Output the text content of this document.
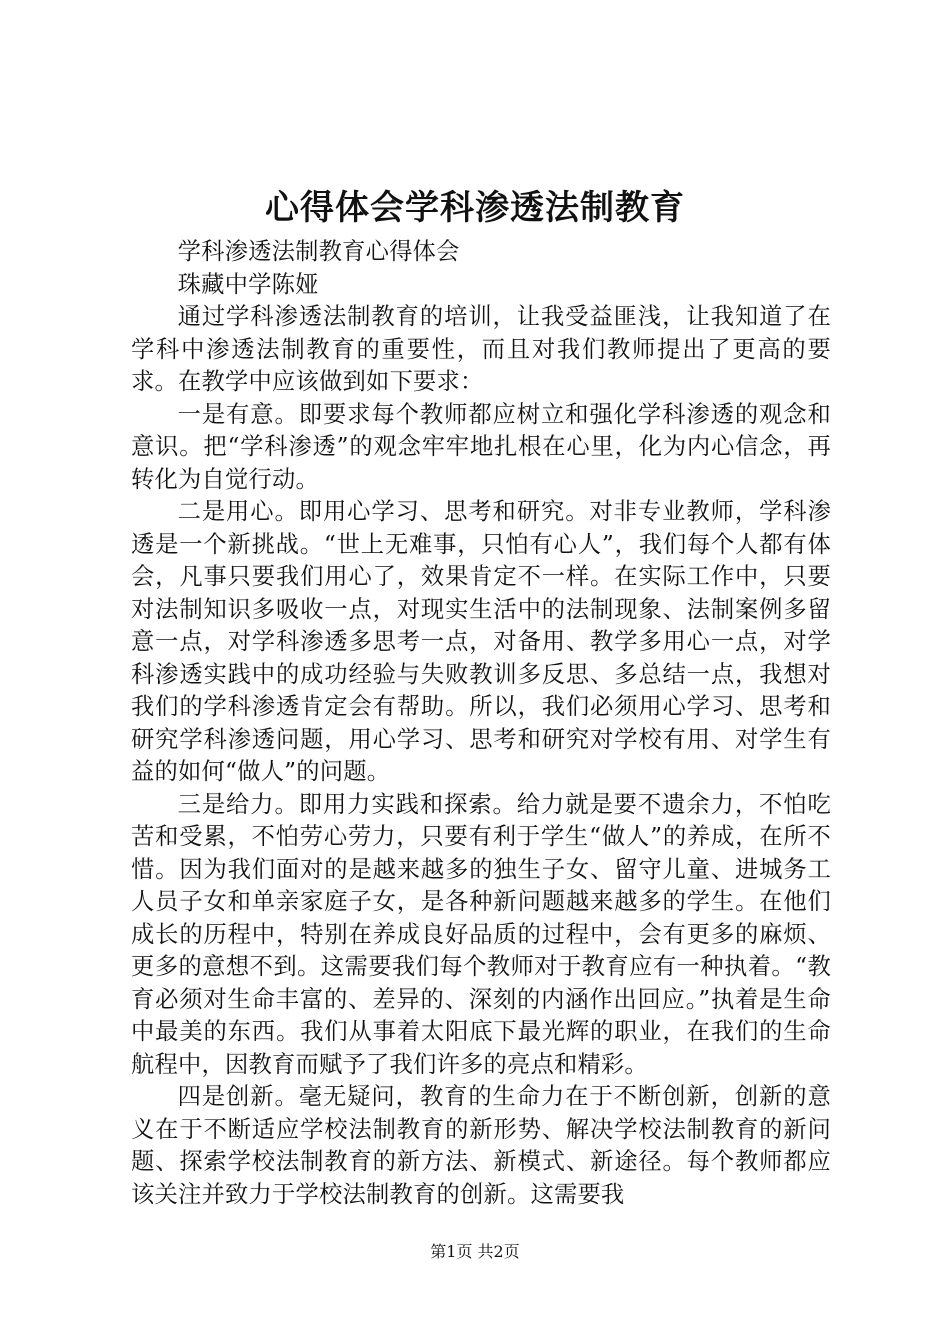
心得体会学科渗透法制教育

学科渗透法制教育心得体会

珠藏中学陈娅

通过学科渗透法制教育的培训，让我受益匪浅，让我知道了在学科中渗透法制教育的重要性，而且对我们教师提出了更高的要求。在教学中应该做到如下要求：

一是有意。即要求每个教师都应树立和强化学科渗透的观念和意识。把“学科渗透”的观念牢牢地扎根在心里，化为内心信念，再转化为自觉行动。

二是用心。即用心学习、思考和研究。对非专业教师，学科渗透是一个新挑战。“世上无难事，只怕有心人”，我们每个人都有体会，凡事只要我们用心了，效果肯定不一样。在实际工作中，只要对法制知识多吸收一点，对现实生活中的法制现象、法制案例多留意一点，对学科渗透多思考一点，对备用、教学多用心一点，对学科渗透实践中的成功经验与失败教训多反思、多总结一点，我想对我们的学科渗透肯定会有帮助。所以，我们必须用心学习、思考和研究学科渗透问题，用心学习、思考和研究对学校有用、对学生有益的如何“做人”的问题。

三是给力。即用力实践和探索。给力就是要不遗余力，不怕吃苦和受累，不怕劳心劳力，只要有利于学生“做人”的养成，在所不惜。因为我们面对的是越来越多的独生子女、留守儿童、进城务工人员子女和单亲家庭子女，是各种新问题越来越多的学生。在他们成长的历程中，特别在养成良好品质的过程中，会有更多的麻烦、更多的意想不到。这需要我们每个教师对于教育应有一种执着。“教育必须对生命丰富的、差异的、深刻的内涵作出回应。”执着是生命中最美的东西。我们从事着太阳底下最光辉的职业，在我们的生命航程中，因教育而赋予了我们许多的亮点和精彩。

四是创新。毫无疑问，教育的生命力在于不断创新，创新的意义在于不断适应学校法制教育的新形势、解决学校法制教育的新问题、探索学校法制教育的新方法、新模式、新途径。每个教师都应该关注并致力于学校法制教育的创新。这需要我

第1页 共2页
